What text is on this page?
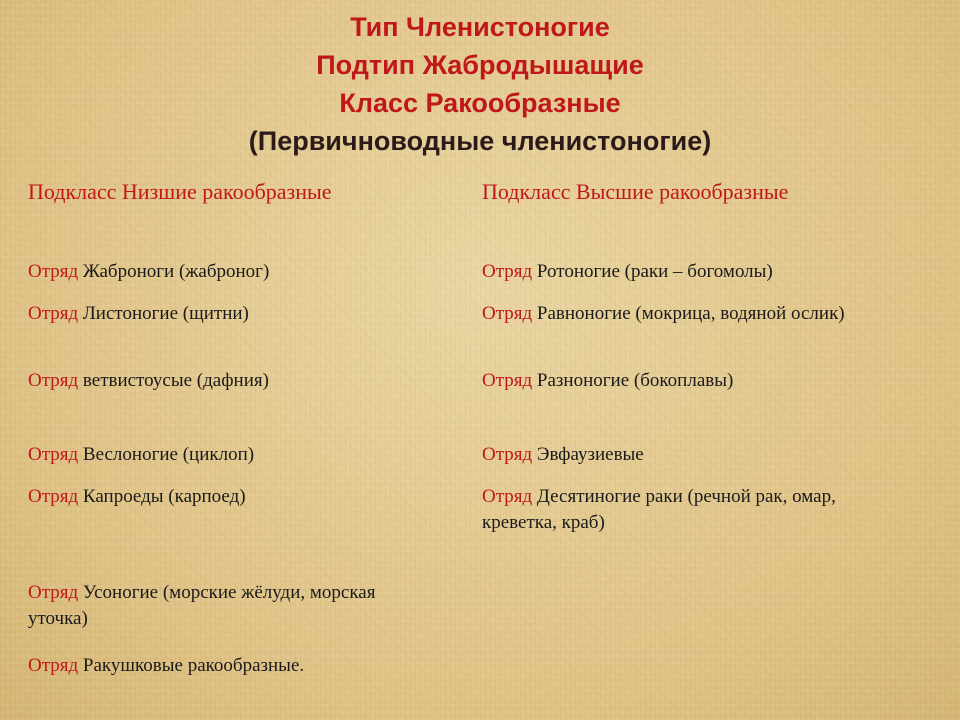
Тип Членистоногие
Подтип Жабродышащие
Класс Ракообразные
(Первичноводные членистоногие)
Подкласс Низшие ракообразные	Подкласс Высшие ракообразные
Отряд Жаброноги (жаброног)
Отряд Листоногие (щитни)
Отряд ветвистоусые (дафния)
Отряд Веслоногие (циклоп)
Отряд Капроеды (карпоед)
Отряд Усоногие (морские жёлуди, морская уточка)
Отряд Ракушковые ракообразные.
Отряд Ротоногие (раки – богомолы)
Отряд Равноногие (мокрица, водяной ослик)
Отряд Разноногие (бокоплавы)
Отряд Эвфаузиевые
Отряд Десятиногие раки (речной рак, омар, креветка, краб)
